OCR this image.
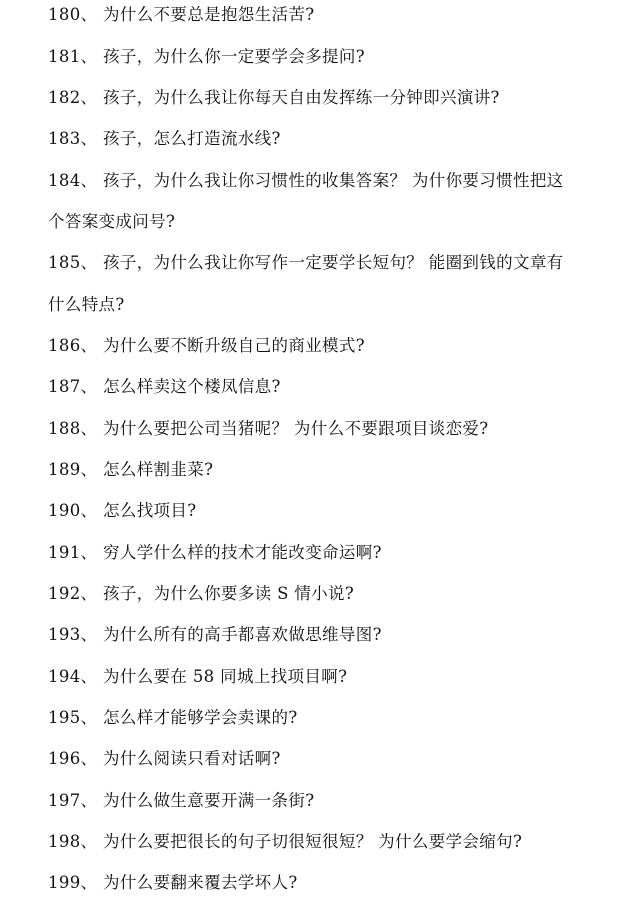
180、 为什么不要总是抱怨生活苦?
181、 孩子，为什么你一定要学会多提问?
182、 孩子，为什么我让你每天自由发挥练一分钟即兴演讲?
183、 孩子，怎么打造流水线?
184、 孩子，为什么我让你习惯性的收集答案？ 为什你要习惯性把这
个答案变成问号?
185、 孩子，为什么我让你写作一定要学长短句？ 能圈到钱的文章有
什么特点?
186、 为什么要不断升级自己的商业模式?
187、 怎么样卖这个楼凤信息?
188、 为什么要把公司当猪呢？ 为什么不要跟项目谈恋爱?
189、 怎么样割韭菜?
190、 怎么找项目?
191、 穷人学什么样的技术才能改变命运啊?
192、 孩子，为什么你要多读 S 情小说?
193、 为什么所有的高手都喜欢做思维导图?
194、 为什么要在 58 同城上找项目啊?
195、 怎么样才能够学会卖课的?
196、 为什么阅读只看对话啊?
197、 为什么做生意要开满一条街?
198、 为什么要把很长的句子切很短很短？ 为什么要学会缩句?
199、 为什么要翻来覆去学坏人?
